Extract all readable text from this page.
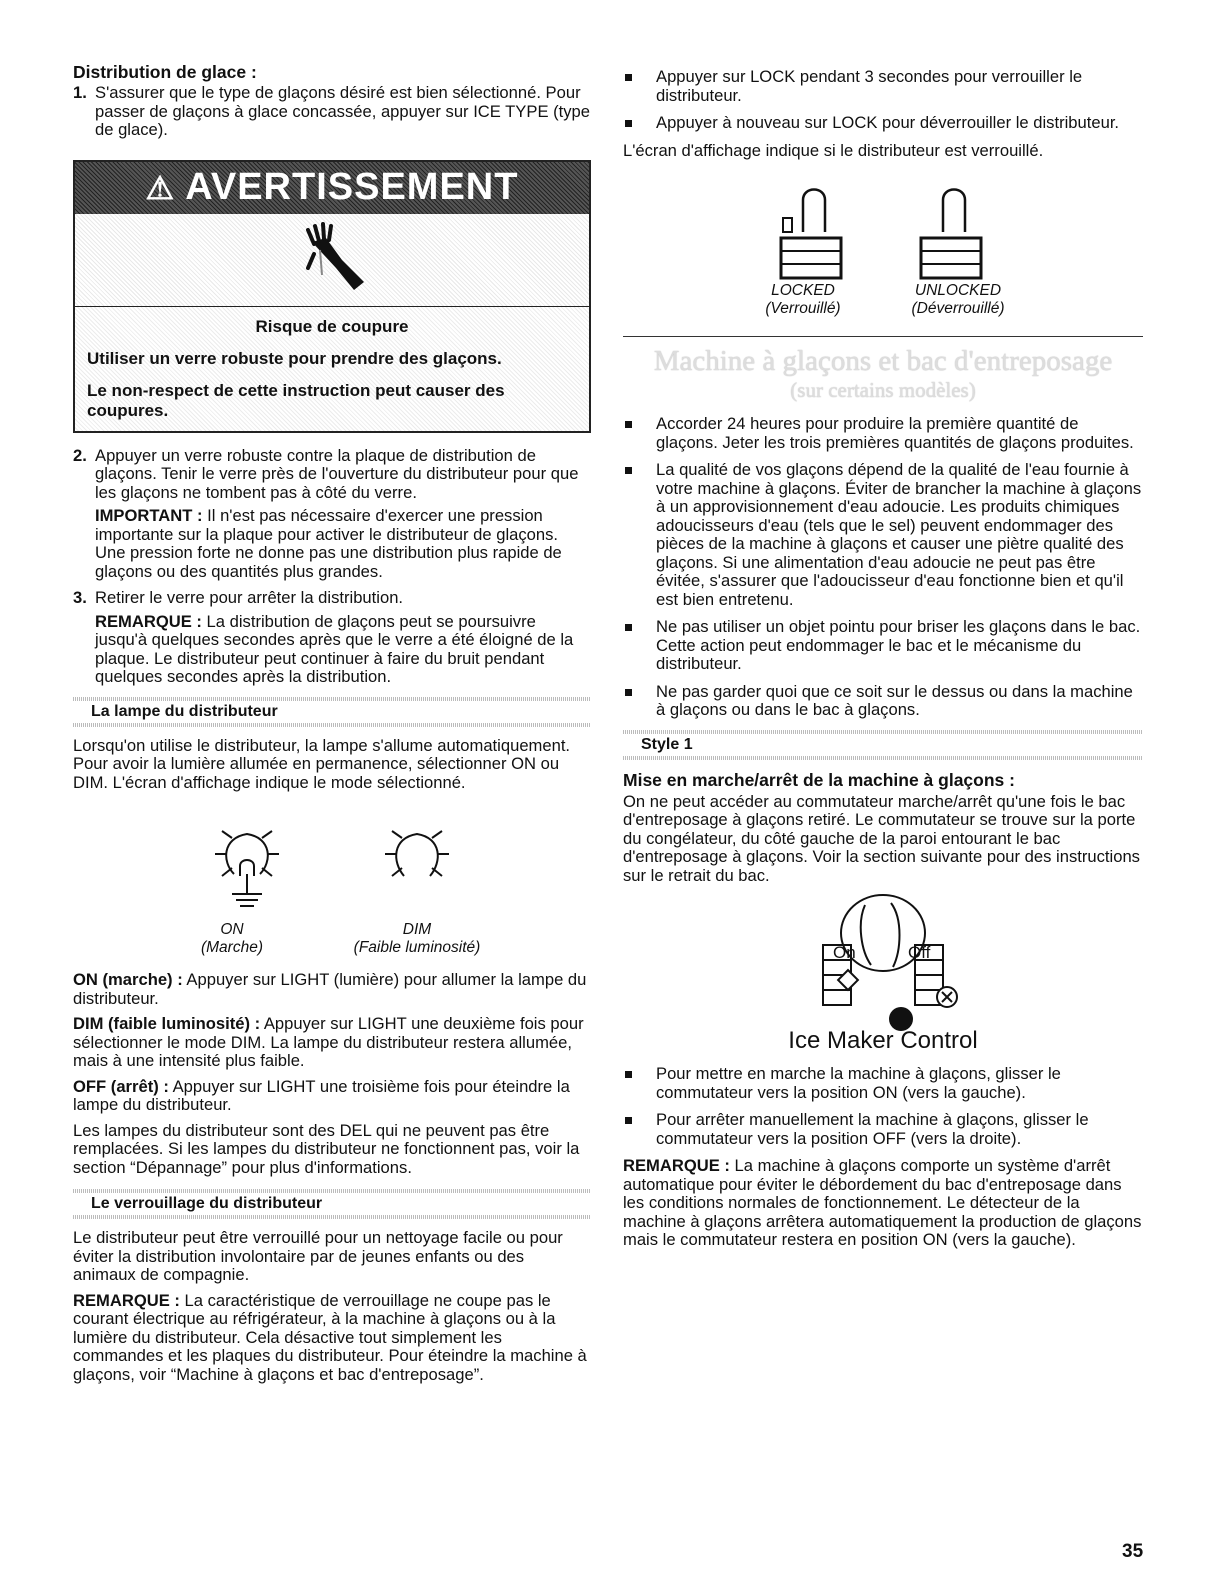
Distribution de glace :
1. S'assurer que le type de glaçons désiré est bien sélectionné. Pour passer de glaçons à glace concassée, appuyer sur ICE TYPE (type de glace).

⚠ AVERTISSEMENT
Risque de coupure

Utiliser un verre robuste pour prendre des glaçons.

Le non-respect de cette instruction peut causer des coupures.

2. Appuyer un verre robuste contre la plaque de distribution de glaçons. Tenir le verre près de l'ouverture du distributeur pour que les glaçons ne tombent pas à côté du verre.

IMPORTANT : Il n'est pas nécessaire d'exercer une pression importante sur la plaque pour activer le distributeur de glaçons. Une pression forte ne donne pas une distribution plus rapide de glaçons ou des quantités plus grandes.

3. Retirer le verre pour arrêter la distribution.

REMARQUE : La distribution de glaçons peut se poursuivre jusqu'à quelques secondes après que le verre a été éloigné de la plaque. Le distributeur peut continuer à faire du bruit pendant quelques secondes après la distribution.

La lampe du distributeur

Lorsqu'on utilise le distributeur, la lampe s'allume automatiquement. Pour avoir la lumière allumée en permanence, sélectionner ON ou DIM. L'écran d'affichage indique le mode sélectionné.

ON
(Marche)
DIM
(Faible luminosité)

ON (marche) : Appuyer sur LIGHT (lumière) pour allumer la lampe du distributeur.

DIM (faible luminosité) : Appuyer sur LIGHT une deuxième fois pour sélectionner le mode DIM. La lampe du distributeur restera allumée, mais à une intensité plus faible.

OFF (arrêt) : Appuyer sur LIGHT une troisième fois pour éteindre la lampe du distributeur.

Les lampes du distributeur sont des DEL qui ne peuvent pas être remplacées. Si les lampes du distributeur ne fonctionnent pas, voir la section “Dépannage” pour plus d'informations.

Le verrouillage du distributeur

Le distributeur peut être verrouillé pour un nettoyage facile ou pour éviter la distribution involontaire par de jeunes enfants ou des animaux de compagnie.

REMARQUE : La caractéristique de verrouillage ne coupe pas le courant électrique au réfrigérateur, à la machine à glaçons ou à la lumière du distributeur. Cela désactive tout simplement les commandes et les plaques du distributeur. Pour éteindre la machine à glaçons, voir “Machine à glaçons et bac d'entreposage”.

Appuyer sur LOCK pendant 3 secondes pour verrouiller le distributeur.

Appuyer à nouveau sur LOCK pour déverrouiller le distributeur.

L'écran d'affichage indique si le distributeur est verrouillé.

LOCKED
(Verrouillé)
UNLOCKED
(Déverrouillé)
Machine à glaçons et bac d'entreposage
(sur certains modèles)

Accorder 24 heures pour produire la première quantité de glaçons. Jeter les trois premières quantités de glaçons produites.

La qualité de vos glaçons dépend de la qualité de l'eau fournie à votre machine à glaçons. Éviter de brancher la machine à glaçons à un approvisionnement d'eau adoucie. Les produits chimiques adoucisseurs d'eau (tels que le sel) peuvent endommager des pièces de la machine à glaçons et causer une piètre qualité des glaçons. Si une alimentation d'eau adoucie ne peut pas être évitée, s'assurer que l'adoucisseur d'eau fonctionne bien et qu'il est bien entretenu.

Ne pas utiliser un objet pointu pour briser les glaçons dans le bac. Cette action peut endommager le bac et le mécanisme du distributeur.

Ne pas garder quoi que ce soit sur le dessus ou dans la machine à glaçons ou dans le bac à glaçons.

Style 1
Mise en marche/arrêt de la machine à glaçons :

On ne peut accéder au commutateur marche/arrêt qu'une fois le bac d'entreposage à glaçons retiré. Le commutateur se trouve sur la porte du congélateur, du côté gauche de la paroi entourant le bac d'entreposage à glaçons. Voir la section suivante pour des instructions sur le retrait du bac.

On	Off
Ice Maker Control

Pour mettre en marche la machine à glaçons, glisser le commutateur vers la position ON (vers la gauche).

Pour arrêter manuellement la machine à glaçons, glisser le commutateur vers la position OFF (vers la droite).

REMARQUE : La machine à glaçons comporte un système d'arrêt automatique pour éviter le débordement du bac d'entreposage dans les conditions normales de fonctionnement. Le détecteur de la machine à glaçons arrêtera automatiquement la production de glaçons mais le commutateur restera en position ON (vers la gauche).

35
